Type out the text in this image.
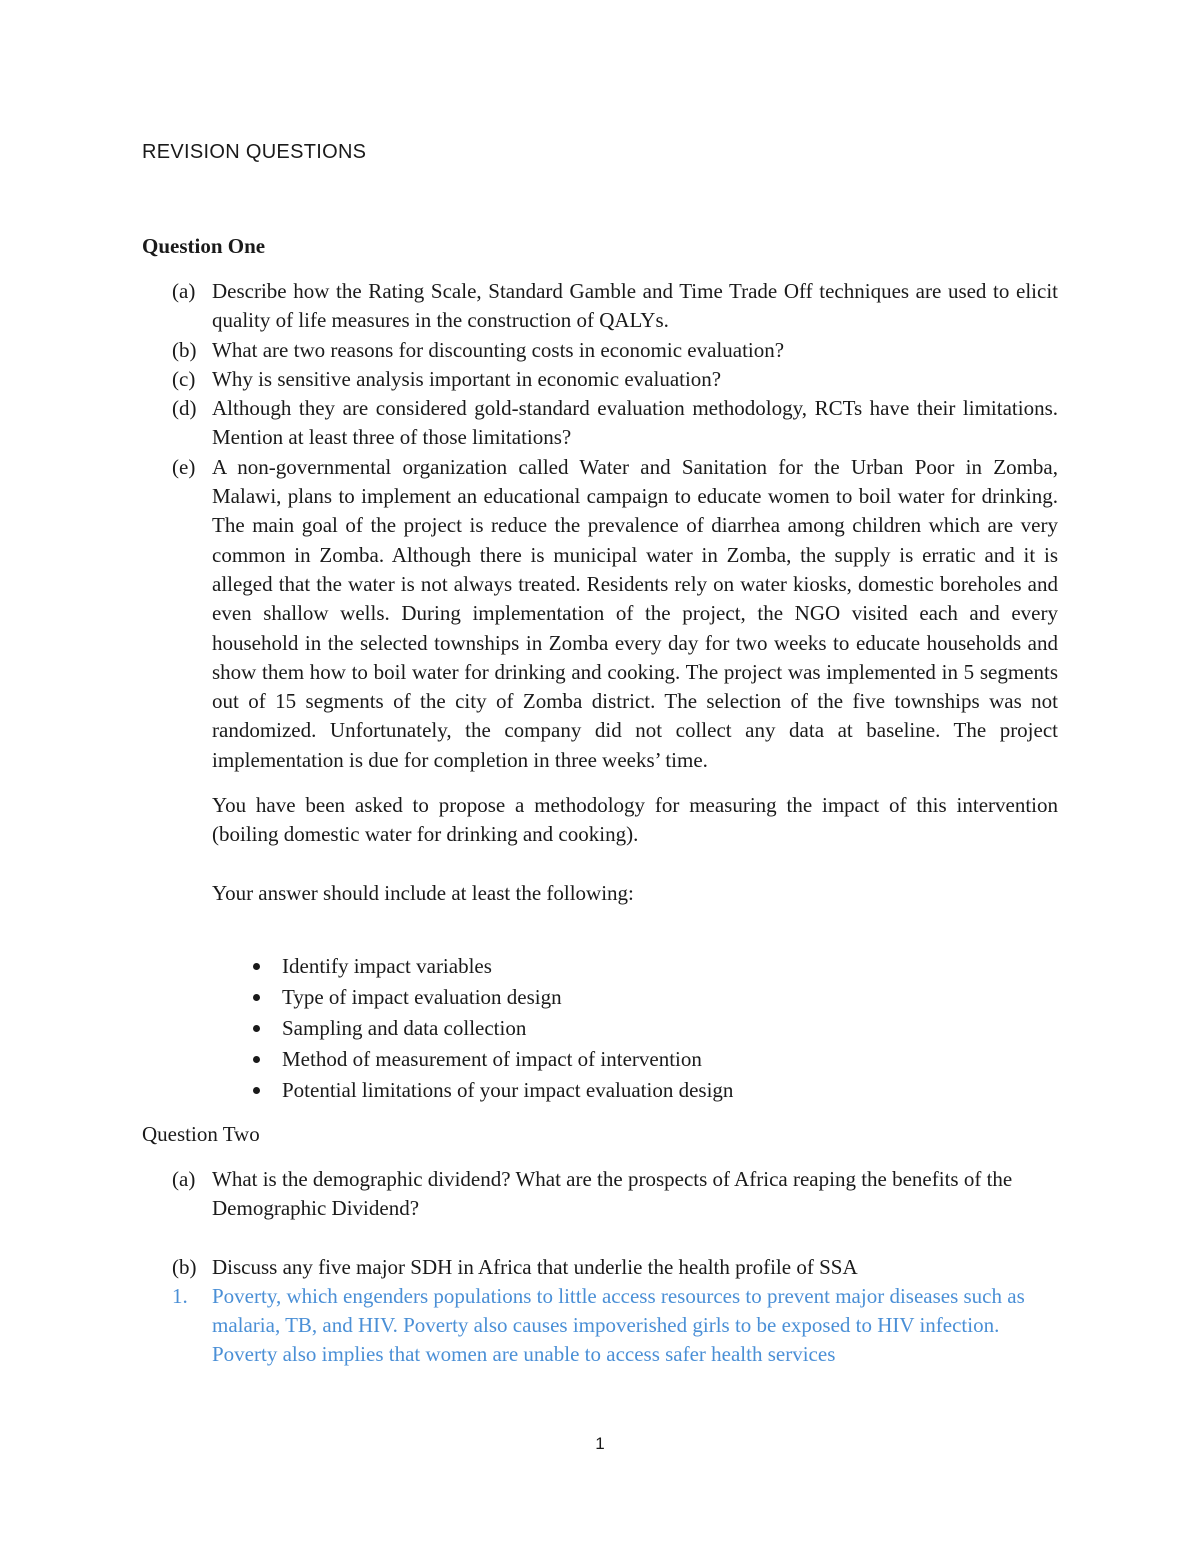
REVISION QUESTIONS
Question One
(a) Describe how the Rating Scale, Standard Gamble and Time Trade Off techniques are used to elicit quality of life measures in the construction of QALYs.
(b) What are two reasons for discounting costs in economic evaluation?
(c) Why is sensitive analysis important in economic evaluation?
(d) Although they are considered gold-standard evaluation methodology, RCTs have their limitations. Mention at least three of those limitations?
(e) A non-governmental organization called Water and Sanitation for the Urban Poor in Zomba, Malawi, plans to implement an educational campaign to educate women to boil water for drinking. The main goal of the project is reduce the prevalence of diarrhea among children which are very common in Zomba. Although there is municipal water in Zomba, the supply is erratic and it is alleged that the water is not always treated. Residents rely on water kiosks, domestic boreholes and even shallow wells. During implementation of the project, the NGO visited each and every household in the selected townships in Zomba every day for two weeks to educate households and show them how to boil water for drinking and cooking. The project was implemented in 5 segments out of 15 segments of the city of Zomba district. The selection of the five townships was not randomized. Unfortunately, the company did not collect any data at baseline. The project implementation is due for completion in three weeks’ time.
You have been asked to propose a methodology for measuring the impact of this intervention (boiling domestic water for drinking and cooking).
Your answer should include at least the following:
Identify impact variables
Type of impact evaluation design
Sampling and data collection
Method of measurement of impact of intervention
Potential limitations of your impact evaluation design
Question Two
(a) What is the demographic dividend? What are the prospects of Africa reaping the benefits of the Demographic Dividend?
(b) Discuss any five major SDH in Africa that underlie the health profile of SSA
1. Poverty, which engenders populations to little access resources to prevent major diseases such as malaria, TB, and HIV. Poverty also causes impoverished girls to be exposed to HIV infection. Poverty also implies that women are unable to access safer health services
1
